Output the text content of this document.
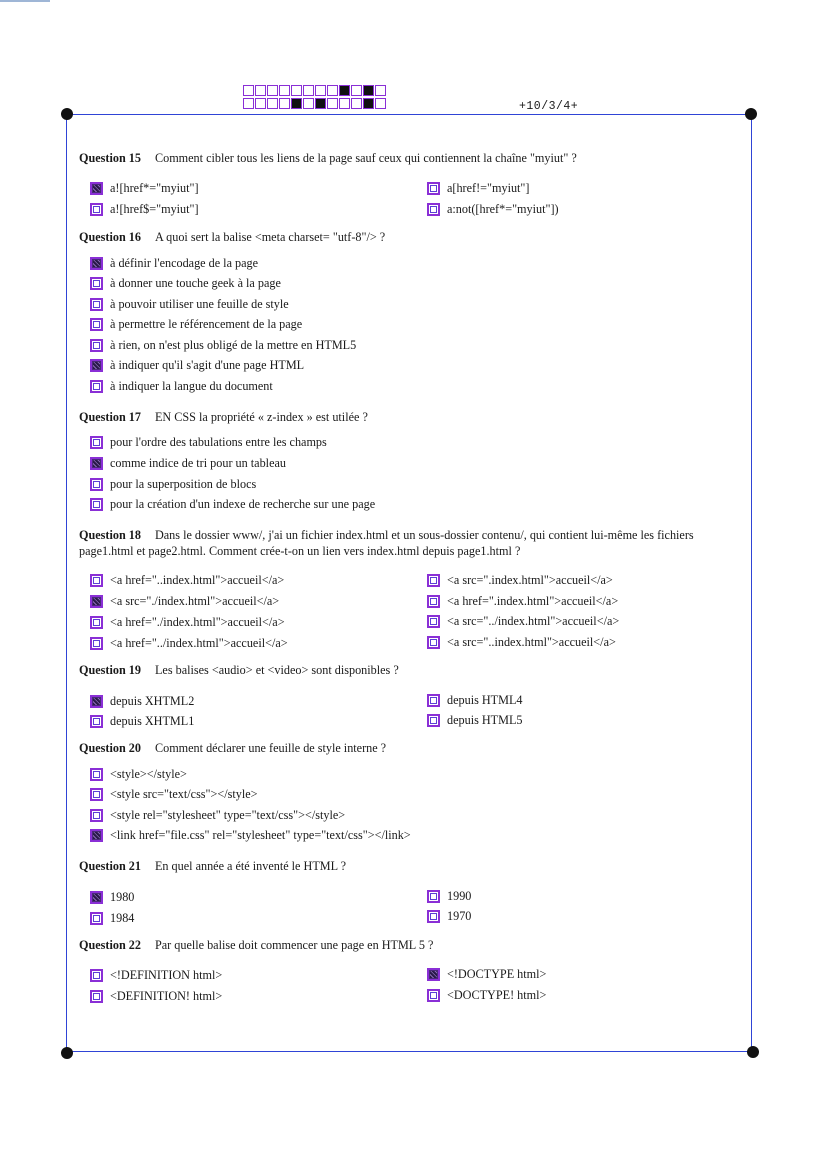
+10/3/4+
Question 15 Comment cibler tous les liens de la page sauf ceux qui contiennent la chaîne "myiut" ?
a![href*="myiut"]	a[href!="myiut"]
a![href$="myiut"]	a:not([href*="myiut"])
Question 16 A quoi sert la balise <meta charset= "utf-8"/> ?
à définir l'encodage de la page
à donner une touche geek à la page
à pouvoir utiliser une feuille de style
à permettre le référencement de la page
à rien, on n'est plus obligé de la mettre en HTML5
à indiquer qu'il s'agit d'une page HTML
à indiquer la langue du document
Question 17 EN CSS la propriété « z-index » est utilée ?
pour l'ordre des tabulations entre les champs
comme indice de tri pour un tableau
pour la superposition de blocs
pour la création d'un indexe de recherche sur une page
Question 18 Dans le dossier www/, j'ai un fichier index.html et un sous-dossier contenu/, qui contient lui-même les fichiers page1.html et page2.html. Comment crée-t-on un lien vers index.html depuis page1.html ?
<a href="..index.html">accueil</a>	<a src=".index.html">accueil</a>
<a src="./index.html">accueil</a>	<a href=".index.html">accueil</a>
<a href="./index.html">accueil</a>	<a src="../index.html">accueil</a>
<a href="../index.html">accueil</a>	<a src="..index.html">accueil</a>
Question 19 Les balises <audio> et <video> sont disponibles ?
depuis XHTML2	depuis HTML4
depuis XHTML1	depuis HTML5
Question 20 Comment déclarer une feuille de style interne ?
<style></style>
<style src="text/css"></style>
<style rel="stylesheet" type="text/css"></style>
<link href="file.css" rel="stylesheet" type="text/css"></link>
Question 21 En quel année a été inventé le HTML ?
1980	1990
1984	1970
Question 22 Par quelle balise doit commencer une page en HTML 5 ?
<!DEFINITION html>	<!DOCTYPE html>
<DEFINITION! html>	<DOCTYPE! html>
